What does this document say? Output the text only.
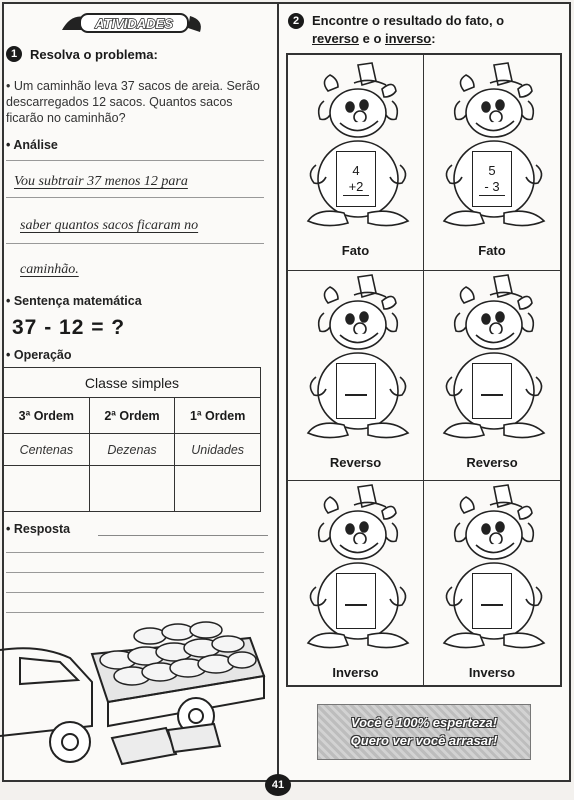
ATIVIDADES
1 Resolva o problema:
• Um caminhão leva 37 sacos de areia. Serão descarregados 12 sacos. Quantos sacos ficarão no caminhão?
• Análise
Vou subtrair 37 menos 12 para
saber quantos sacos ficaram no
caminhão.
• Sentença matemática
37 - 12 = ?
• Operação
Classe simples		
3ª Ordem	2ª Ordem	1ª Ordem
Centenas	Dezenas	Unidades

• Resposta
2 Encontre o resultado do fato, o
reverso e o inverso:
4
+2
Fato
5
- 3
Fato
Reverso	Reverso
Inverso	Inverso
Você é 100% esperteza!
Quero ver você arrasar!
41
